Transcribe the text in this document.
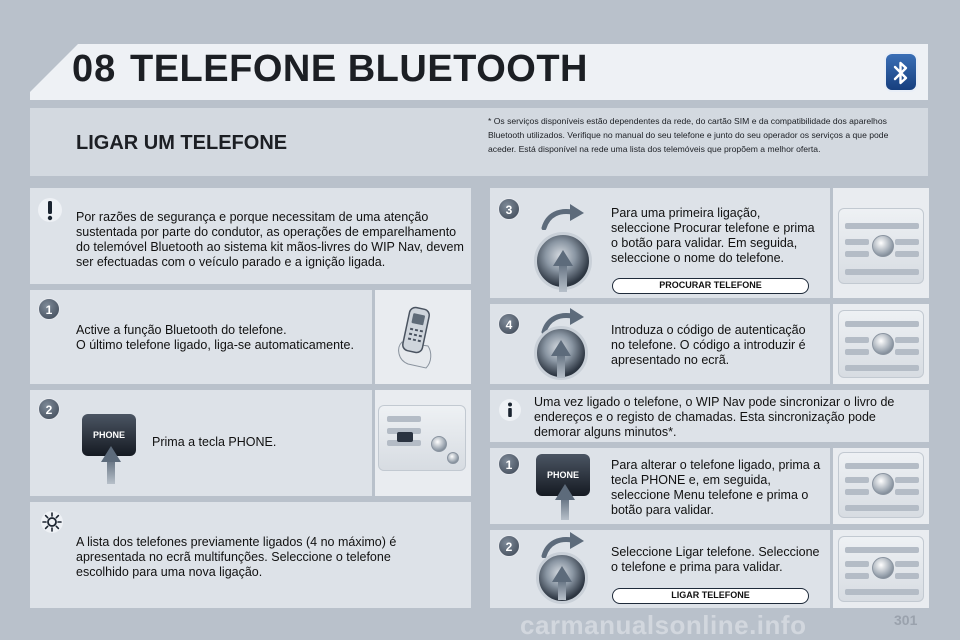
08 TELEFONE BLUETOOTH
LIGAR UM TELEFONE
* Os serviços disponíveis estão dependentes da rede, do cartão SIM e da compatibilidade dos aparelhos Bluetooth utilizados. Verifique no manual do seu telefone e junto do seu operador os serviços a que pode aceder. Está disponível na rede uma lista dos telemóveis que propõem a melhor oferta.
Por razões de segurança e porque necessitam de uma atenção sustentada por parte do condutor, as operações de emparelhamento do telemóvel Bluetooth ao sistema kit mãos-livres do WIP Nav, devem ser efectuadas com o veículo parado e a ignição ligada.
1
Active a função Bluetooth do telefone.
O último telefone ligado, liga-se automaticamente.
2
PHONE	Prima a tecla PHONE.
A lista dos telefones previamente ligados (4 no máximo) é apresentada no ecrã multifunções. Seleccione o telefone escolhido para uma nova ligação.
3	Para uma primeira ligação, seleccione Procurar telefone e prima o botão para validar. Em seguida, seleccione o nome do telefone.
PROCURAR TELEFONE
4	Introduza o código de autenticação no telefone. O código a introduzir é apresentado no ecrã.
Uma vez ligado o telefone, o WIP Nav pode sincronizar o livro de endereços e o registo de chamadas. Esta sincronização pode demorar alguns minutos*.
1
PHONE
Para alterar o telefone ligado, prima a tecla PHONE e, em seguida, seleccione Menu telefone e prima o botão para validar.
2	Seleccione Ligar telefone. Seleccione o telefone e prima para validar.
LIGAR TELEFONE
carmanualsonline.info	301
